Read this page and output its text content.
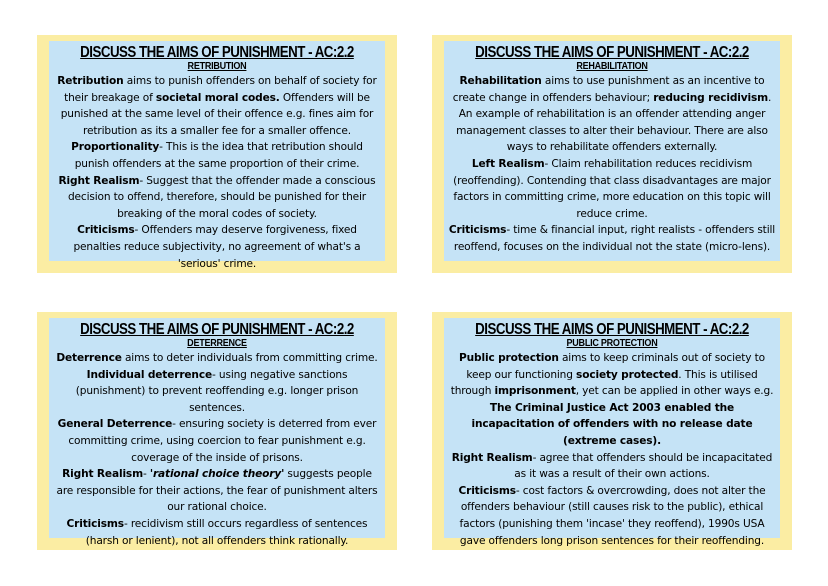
DISCUSS THE AIMS OF PUNISHMENT - AC:2.2
RETRIBUTION
Retribution aims to punish offenders on behalf of society for their breakage of societal moral codes. Offenders will be punished at the same level of their offence e.g. fines aim for retribution as its a smaller fee for a smaller offence.
Proportionality- This is the idea that retribution should punish offenders at the same proportion of their crime.
Right Realism- Suggest that the offender made a conscious decision to offend, therefore, should be punished for their breaking of the moral codes of society.
Criticisms- Offenders may deserve forgiveness, fixed penalties reduce subjectivity, no agreement of what's a 'serious' crime.
DISCUSS THE AIMS OF PUNISHMENT - AC:2.2
REHABILITATION
Rehabilitation aims to use punishment as an incentive to create change in offenders behaviour; reducing recidivism. An example of rehabilitation is an offender attending anger management classes to alter their behaviour. There are also ways to rehabilitate offenders externally.
Left Realism- Claim rehabilitation reduces recidivism (reoffending). Contending that class disadvantages are major factors in committing crime, more education on this topic will reduce crime.
Criticisms- time & financial input, right realists - offenders still reoffend, focuses on the individual not the state (micro-lens).
DISCUSS THE AIMS OF PUNISHMENT - AC:2.2
DETERRENCE
Deterrence aims to deter individuals from committing crime.
Individual deterrence- using negative sanctions (punishment) to prevent reoffending e.g. longer prison sentences.
General Deterrence- ensuring society is deterred from ever committing crime, using coercion to fear punishment e.g. coverage of the inside of prisons.
Right Realism- 'rational choice theory' suggests people are responsible for their actions, the fear of punishment alters our rational choice.
Criticisms- recidivism still occurs regardless of sentences (harsh or lenient), not all offenders think rationally.
DISCUSS THE AIMS OF PUNISHMENT - AC:2.2
PUBLIC PROTECTION
Public protection aims to keep criminals out of society to keep our functioning society protected. This is utilised through imprisonment, yet can be applied in other ways e.g. The Criminal Justice Act 2003 enabled the incapacitation of offenders with no release date (extreme cases).
Right Realism- agree that offenders should be incapacitated as it was a result of their own actions.
Criticisms- cost factors & overcrowding, does not alter the offenders behaviour (still causes risk to the public), ethical factors (punishing them 'incase' they reoffend), 1990s USA gave offenders long prison sentences for their reoffending.
